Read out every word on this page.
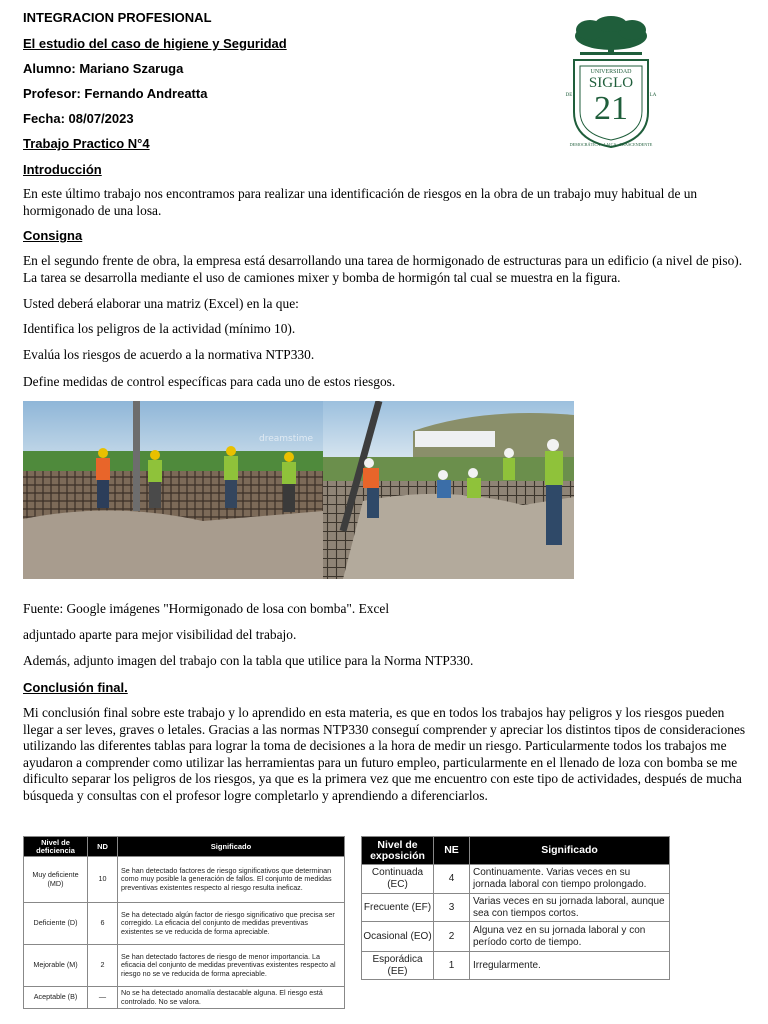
INTEGRACION PROFESIONAL
El estudio del caso de higiene y Seguridad
Alumno: Mariano Szaruga
Profesor: Fernando Andreatta
Fecha: 08/07/2023
Trabajo Practico N°4
UNIVERSIDAD
SIGLO
21
DE	LA
DEMOCRÁTICA · LAICA · TRASCENDENTE
Introducción
En este último trabajo nos encontramos para realizar una identificación de riesgos en la obra de un trabajo muy habitual de un hormigonado de una losa.
Consigna
En el segundo frente de obra, la empresa está desarrollando una tarea de hormigonado de estructuras para un edificio (a nivel de piso). La tarea se desarrolla mediante el uso de camiones mixer y bomba de hormigón tal cual se muestra en la figura.
Usted deberá elaborar una matriz (Excel) en la que:
Identifica los peligros de la actividad (mínimo 10).
Evalúa los riesgos de acuerdo a la normativa NTP330.
Define medidas de control específicas para cada uno de estos riesgos.
dreamstime
Fuente: Google imágenes "Hormigonado de losa con bomba". Excel
adjuntado aparte para mejor visibilidad del trabajo.
Además, adjunto imagen del trabajo con la tabla que utilice para la Norma NTP330.
Conclusión final.
Mi conclusión final sobre este trabajo y lo aprendido en esta materia, es que en todos los trabajos hay peligros y los riesgos pueden llegar a ser leves, graves o letales. Gracias a las normas NTP330 conseguí comprender y apreciar los distintos tipos de consideraciones utilizando las diferentes tablas para lograr la toma de decisiones a la hora de medir un riesgo. Particularmente todos los trabajos me ayudaron a comprender como utilizar las herramientas para un futuro empleo, particularmente en el llenado de loza con bomba se me dificulto separar los peligros de los riesgos, ya que es la primera vez que me encuentro con este tipo de actividades, después de mucha búsqueda y consultas con el profesor logre completarlo y aprendiendo a diferenciarlos.
Nivel de deficiencia	ND	Significado
Muy deficiente (MD)	10	Se han detectado factores de riesgo significativos que determinan como muy posible la generación de fallos. El conjunto de medidas preventivas existentes respecto al riesgo resulta ineficaz.
Deficiente (D)	6	Se ha detectado algún factor de riesgo significativo que precisa ser corregido. La eficacia del conjunto de medidas preventivas existentes se ve reducida de forma apreciable.
Mejorable (M)	2	Se han detectado factores de riesgo de menor importancia. La eficacia del conjunto de medidas preventivas existentes respecto al riesgo no se ve reducida de forma apreciable.
Aceptable (B)	—	No se ha detectado anomalía destacable alguna. El riesgo está controlado. No se valora.
Nivel de exposición	NE	Significado
Continuada (EC)	4	Continuamente. Varias veces en su jornada laboral con tiempo prolongado.
Frecuente (EF)	3	Varias veces en su jornada laboral, aunque sea con tiempos cortos.
Ocasional (EO)	2	Alguna vez en su jornada laboral y con período corto de tiempo.
Esporádica (EE)	1	Irregularmente.
